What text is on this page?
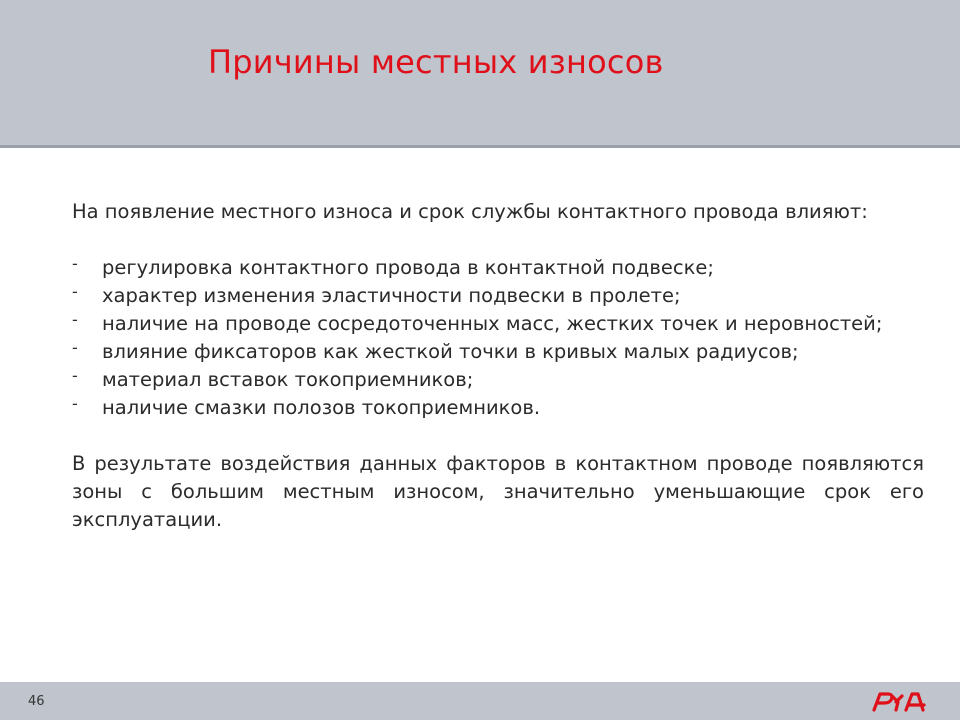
Причины местных износов

На появление местного износа и срок службы контактного провода влияют:

- регулировка контактного провода в контактной подвеске;
- характер изменения эластичности подвески в пролете;
- наличие на проводе сосредоточенных масс, жестких точек и неровностей;
- влияние фиксаторов как жесткой точки в кривых малых радиусов;
- материал вставок токоприемников;
- наличие смазки полозов токоприемников.

В результате воздействия данных факторов в контактном проводе появляются зоны с большим местным износом, значительно уменьшающие срок его эксплуатации.

46
